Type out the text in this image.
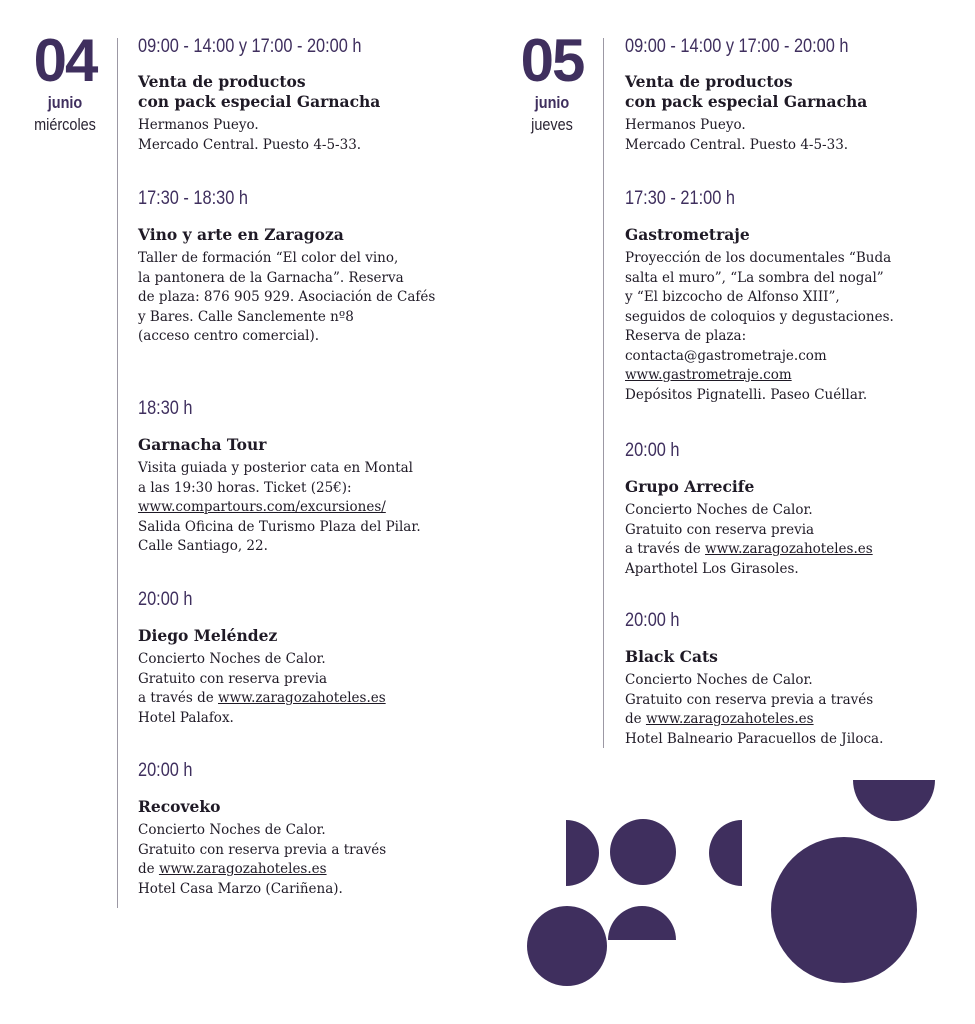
04
junio
miércoles

09:00 - 14:00 y 17:00 - 20:00 h

Venta de productos
con pack especial Garnacha

Hermanos Pueyo.
Mercado Central. Puesto 4-5-33.

17:30 - 18:30 h

Vino y arte en Zaragoza

Taller de formación “El color del vino,
la pantonera de la Garnacha”. Reserva
de plaza: 876 905 929. Asociación de Cafés
y Bares. Calle Sanclemente nº8
(acceso centro comercial).

18:30 h

Garnacha Tour

Visita guiada y posterior cata en Montal
a las 19:30 horas. Ticket (25€):
www.compartours.com/excursiones/
Salida Oficina de Turismo Plaza del Pilar.
Calle Santiago, 22.

20:00 h

Diego Meléndez

Concierto Noches de Calor.
Gratuito con reserva previa
a través de www.zaragozahoteles.es
Hotel Palafox.

20:00 h

Recoveko

Concierto Noches de Calor.
Gratuito con reserva previa a través
de www.zaragozahoteles.es
Hotel Casa Marzo (Cariñena).

05
junio
jueves

09:00 - 14:00 y 17:00 - 20:00 h

Venta de productos
con pack especial Garnacha

Hermanos Pueyo.
Mercado Central. Puesto 4-5-33.

17:30 - 21:00 h

Gastrometraje

Proyección de los documentales “Buda
salta el muro”, “La sombra del nogal”
y “El bizcocho de Alfonso XIII”,
seguidos de coloquios y degustaciones.
Reserva de plaza:
contacta@gastrometraje.com
www.gastrometraje.com
Depósitos Pignatelli. Paseo Cuéllar.

20:00 h

Grupo Arrecife

Concierto Noches de Calor.
Gratuito con reserva previa
a través de www.zaragozahoteles.es
Aparthotel Los Girasoles.

20:00 h

Black Cats

Concierto Noches de Calor.
Gratuito con reserva previa a través
de www.zaragozahoteles.es
Hotel Balneario Paracuellos de Jiloca.
